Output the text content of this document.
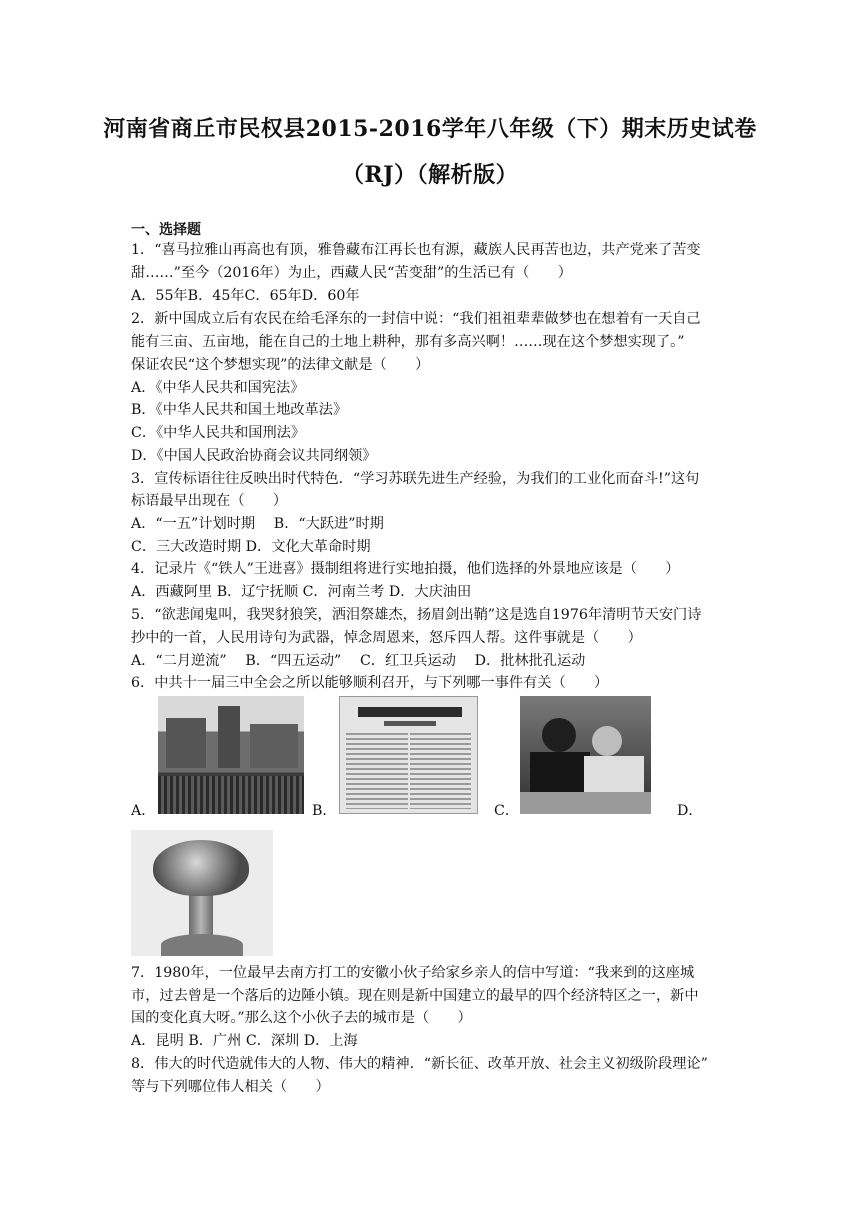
河南省商丘市民权县2015-2016学年八年级（下）期末历史试卷
（RJ）（解析版）
一、选择题
1．“喜马拉雅山再高也有顶，雅鲁藏布江再长也有源，藏族人民再苦也边，共产党来了苦变
甜……”至今（2016年）为止，西藏人民“苦变甜”的生活已有（　　）
A．55年B．45年C．65年D．60年
2．新中国成立后有农民在给毛泽东的一封信中说：“我们祖祖辈辈做梦也在想着有一天自己
能有三亩、五亩地，能在自己的土地上耕种，那有多高兴啊！……现在这个梦想实现了。”
保证农民“这个梦想实现”的法律文献是（　　）
A．《中华人民共和国宪法》
B．《中华人民共和国土地改革法》
C．《中华人民共和国刑法》
D．《中国人民政治协商会议共同纲领》
3．宣传标语往往反映出时代特色．“学习苏联先进生产经验，为我们的工业化而奋斗!”这句
标语最早出现在（　　）
A．“一五”计划时期　 B．“大跃进”时期
C．三大改造时期 D．文化大革命时期
4．记录片《“铁人”王进喜》摄制组将进行实地拍摄，他们选择的外景地应该是（　　）
A．西藏阿里 B．辽宁抚顺 C．河南兰考 D．大庆油田
5．“欲悲闻鬼叫，我哭豺狼笑，洒泪祭雄杰，扬眉剑出鞘”这是选自1976年清明节天安门诗
抄中的一首，人民用诗句为武器，悼念周恩来，怒斥四人帮。这件事就是（　　）
A．“二月逆流”　 B．“四五运动”　 C．红卫兵运动　 D．批林批孔运动
6．中共十一届三中全会之所以能够顺利召开，与下列哪一事件有关（　　）
A．	B．	C．	D．
7．1980年，一位最早去南方打工的安徽小伙子给家乡亲人的信中写道：“我来到的这座城
市，过去曾是一个落后的边陲小镇。现在则是新中国建立的最早的四个经济特区之一，新中
国的变化真大呀。”那么这个小伙子去的城市是（　　）
A．昆明 B．广州 C．深圳 D．上海
8．伟大的时代造就伟大的人物、伟大的精神．“新长征、改革开放、社会主义初级阶段理论”
等与下列哪位伟人相关（　　）
